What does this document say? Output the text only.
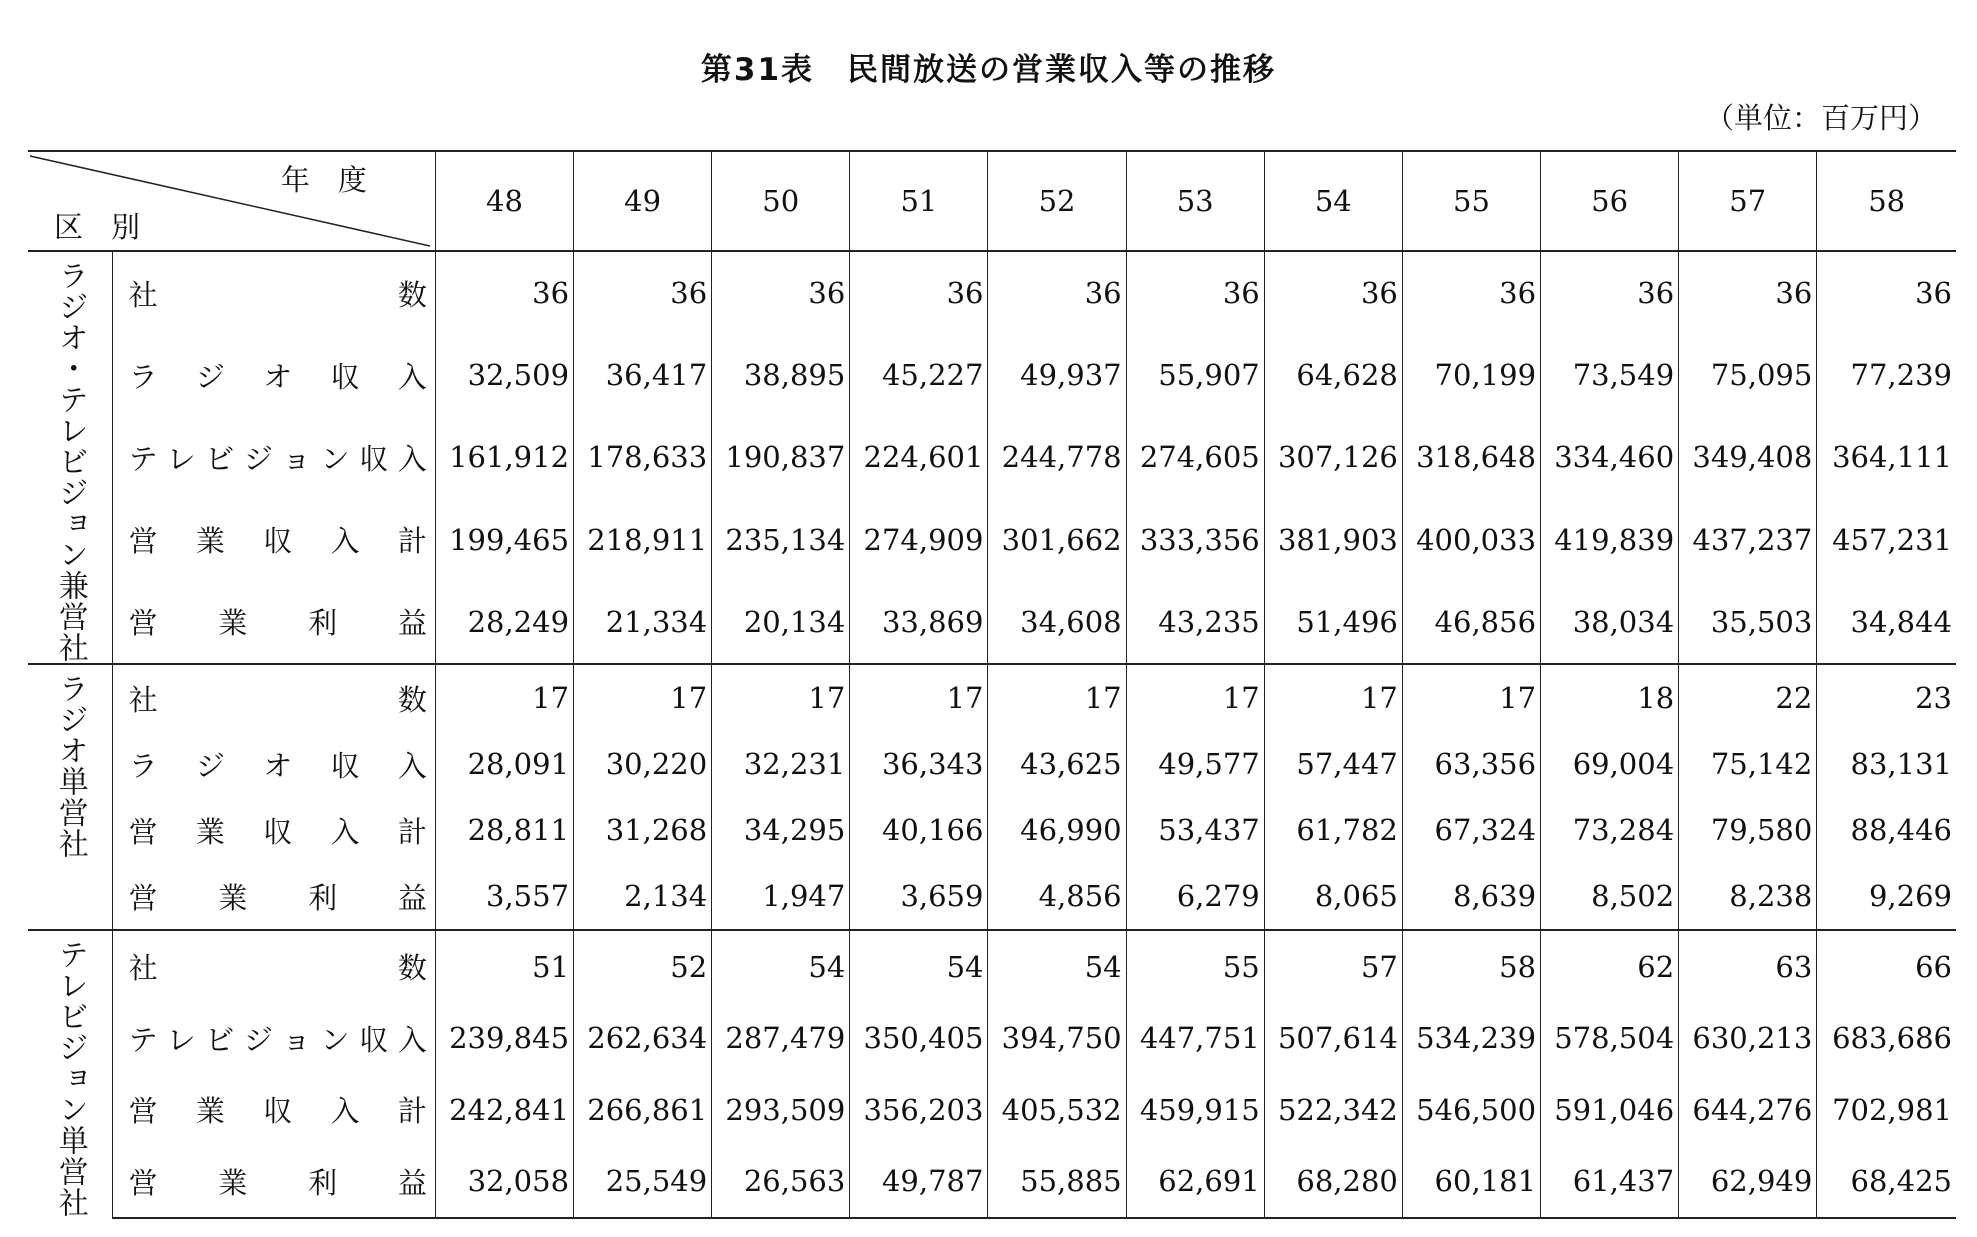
第31表　民間放送の営業収入等の推移
（単位：百万円）
年度
区別		48	49	50	51	52	53	54	55	56	57	58

ラジオ・テレビジョン兼営社	社数	36	36	36	36	36	36	36	36	36	36	36

	ラジオ収入	32,509	36,417	38,895	45,227	49,937	55,907	64,628	70,199	73,549	75,095	77,239

	テレビジョン収入	161,912	178,633	190,837	224,601	244,778	274,605	307,126	318,648	334,460	349,408	364,111

	営業収入計	199,465	218,911	235,134	274,909	301,662	333,356	381,903	400,033	419,839	437,237	457,231

	営業利益	28,249	21,334	20,134	33,869	34,608	43,235	51,496	46,856	38,034	35,503	34,844

ラジオ単営社	社数	17	17	17	17	17	17	17	17	18	22	23

	ラジオ収入	28,091	30,220	32,231	36,343	43,625	49,577	57,447	63,356	69,004	75,142	83,131

	営業収入計	28,811	31,268	34,295	40,166	46,990	53,437	61,782	67,324	73,284	79,580	88,446

	営業利益	3,557	2,134	1,947	3,659	4,856	6,279	8,065	8,639	8,502	8,238	9,269

テレビジョン単営社	社数	51	52	54	54	54	55	57	58	62	63	66

	テレビジョン収入	239,845	262,634	287,479	350,405	394,750	447,751	507,614	534,239	578,504	630,213	683,686

	営業収入計	242,841	266,861	293,509	356,203	405,532	459,915	522,342	546,500	591,046	644,276	702,981

	営業利益	32,058	25,549	26,563	49,787	55,885	62,691	68,280	60,181	61,437	62,949	68,425
